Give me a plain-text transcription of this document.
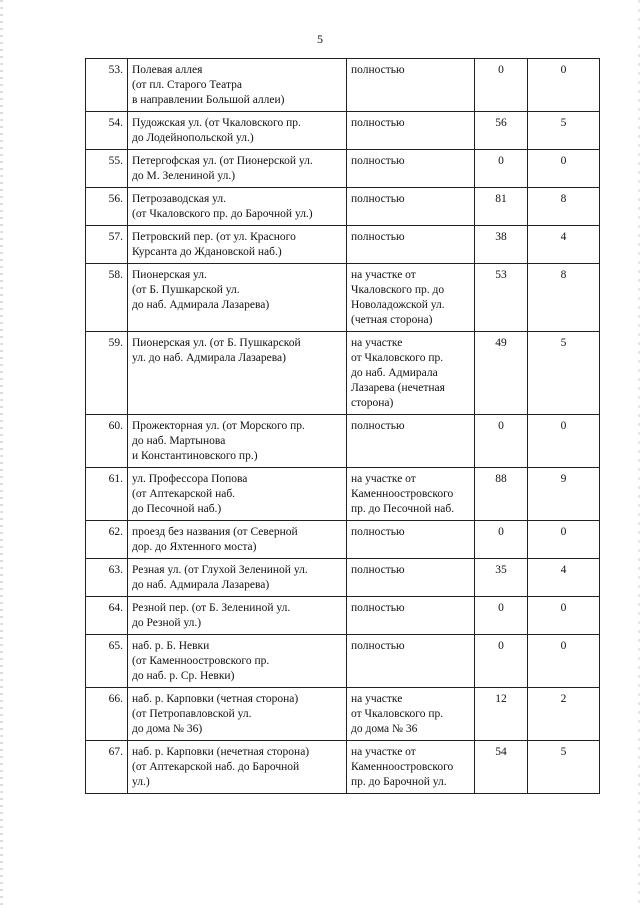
5
53.	Полевая аллея
(от пл. Старого Театра
в направлении Большой аллеи)	полностью	0	0
54.	Пудожская ул. (от Чкаловского пр.
до Лодейнопольской ул.)	полностью	56	5
55.	Петергофская ул. (от Пионерской ул.
до М. Зелениной ул.)	полностью	0	0
56.	Петрозаводская ул.
(от Чкаловского пр. до Барочной ул.)	полностью	81	8
57.	Петровский пер. (от ул. Красного
Курсанта до Ждановской наб.)	полностью	38	4
58.	Пионерская ул.
(от Б. Пушкарской ул.
до наб. Адмирала Лазарева)	на участке от
Чкаловского пр. до
Новоладожской ул.
(четная сторона)	53	8
59.	Пионерская ул. (от Б. Пушкарской
ул. до наб. Адмирала Лазарева)	на участке
от Чкаловского пр.
до наб. Адмирала
Лазарева (нечетная
сторона)	49	5
60.	Прожекторная ул. (от Морского пр.
до наб. Мартынова
и Константиновского пр.)	полностью	0	0
61.	ул. Профессора Попова
(от Аптекарской наб.
до Песочной наб.)	на участке от
Каменноостровского
пр. до Песочной наб.	88	9
62.	проезд без названия (от Северной
дор. до Яхтенного моста)	полностью	0	0
63.	Резная ул. (от Глухой Зелениной ул.
до наб. Адмирала Лазарева)	полностью	35	4
64.	Резной пер. (от Б. Зелениной ул.
до Резной ул.)	полностью	0	0
65.	наб. р. Б. Невки
(от Каменноостровского пр.
до наб. р. Ср. Невки)	полностью	0	0
66.	наб. р. Карповки (четная сторона)
(от Петропавловской ул.
до дома № 36)	на участке
от Чкаловского пр.
до дома № 36	12	2
67.	наб. р. Карповки (нечетная сторона)
(от Аптекарской наб. до Барочной
ул.)	на участке от
Каменноостровского
пр. до Барочной ул.	54	5
